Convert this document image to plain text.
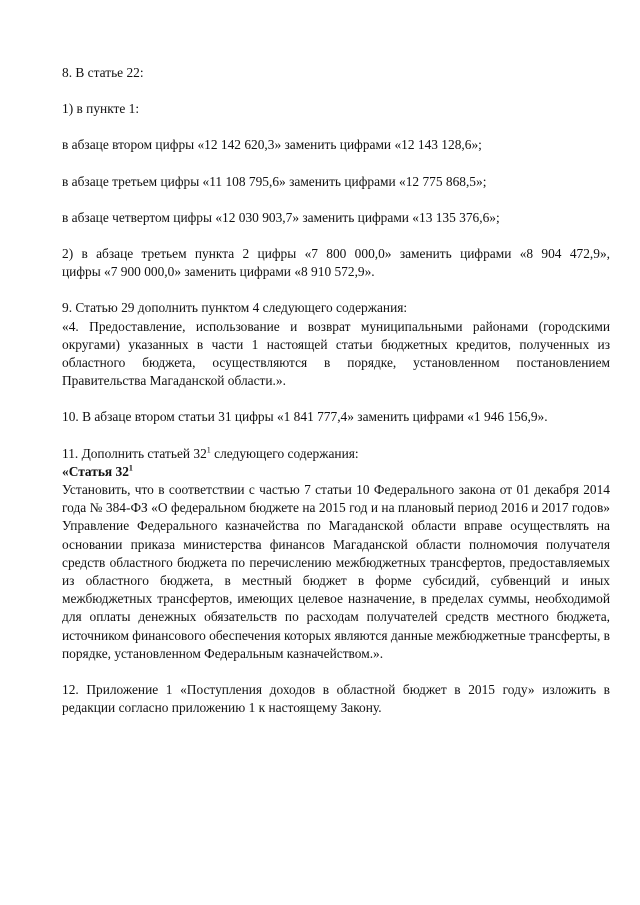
8. В статье 22:

1) в пункте 1:

в абзаце втором цифры «12 142 620,3» заменить цифрами «12 143 128,6»;

в абзаце третьем цифры «11 108 795,6» заменить цифрами «12 775 868,5»;

в абзаце четвертом цифры «12 030 903,7» заменить цифрами «13 135 376,6»;

2) в абзаце третьем пункта 2 цифры «7 800 000,0» заменить цифрами «8 904 472,9»,

цифры «7 900 000,0» заменить цифрами «8 910 572,9».

9. Статью 29 дополнить пунктом 4 следующего содержания:

«4. Предоставление, использование и возврат муниципальными районами (городскими округами) указанных в части 1 настоящей статьи бюджетных кредитов, полученных из областного бюджета, осуществляются в порядке, установленном постановлением Правительства Магаданской области.».

10. В абзаце втором статьи 31 цифры «1 841 777,4» заменить цифрами «1 946 156,9».

11. Дополнить статьей $32^1$ следующего содержания:

«Статья $32^1$

Установить, что в соответствии с частью 7 статьи 10 Федерального закона от 01 декабря 2014 года № 384-ФЗ «О федеральном бюджете на 2015 год и на плановый период 2016 и 2017 годов» Управление Федерального казначейства по Магаданской области вправе осуществлять на основании приказа министерства финансов Магаданской области полномочия получателя средств областного бюджета по перечислению межбюджетных трансфертов, предоставляемых из областного бюджета, в местный бюджет в форме субсидий, субвенций и иных межбюджетных трансфертов, имеющих целевое назначение, в пределах суммы, необходимой для оплаты денежных обязательств по расходам получателей средств местного бюджета, источником финансового обеспечения которых являются данные межбюджетные трансферты, в порядке, установленном Федеральным казначейством.».

12. Приложение 1 «Поступления доходов в областной бюджет в 2015 году» изложить в редакции согласно приложению 1 к настоящему Закону.
